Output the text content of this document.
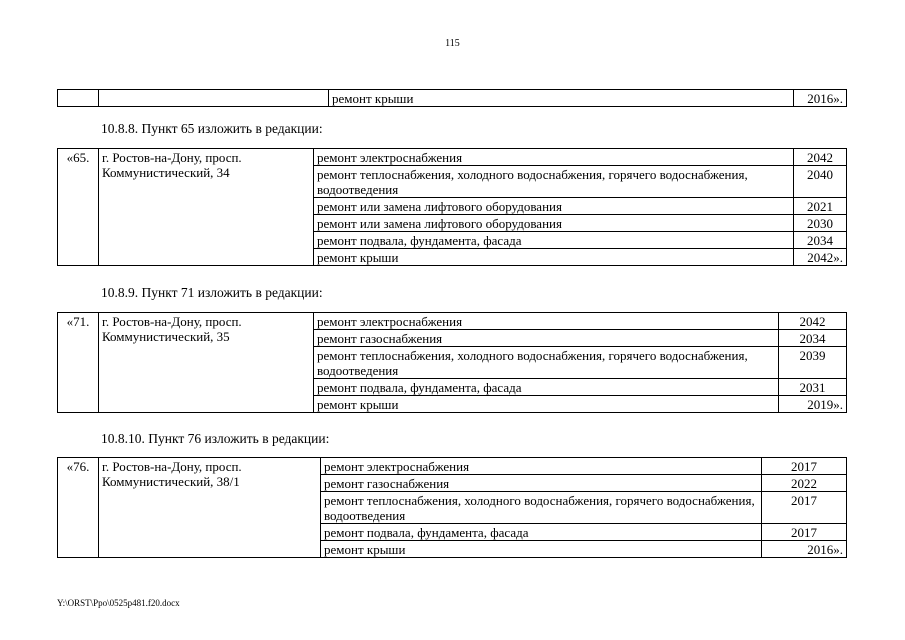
115
		ремонт крыши	2016».
10.8.8. Пункт 65 изложить в редакции:
«65.	г. Ростов-на-Дону, просп. Коммунистический, 34	ремонт электроснабжения	2042
		ремонт теплоснабжения, холодного водоснабжения, горячего водоснабжения, водоотведения	2040
		ремонт или замена лифтового оборудования	2021
		ремонт или замена лифтового оборудования	2030
		ремонт подвала, фундамента, фасада	2034
		ремонт крыши	2042».
10.8.9. Пункт 71 изложить в редакции:
«71.	г. Ростов-на-Дону, просп. Коммунистический, 35	ремонт электроснабжения	2042
		ремонт газоснабжения	2034
		ремонт теплоснабжения, холодного водоснабжения, горячего водоснабжения, водоотведения	2039
		ремонт подвала, фундамента, фасада	2031
		ремонт крыши	2019».
10.8.10. Пункт 76 изложить в редакции:
«76.	г. Ростов-на-Дону, просп. Коммунистический, 38/1	ремонт электроснабжения	2017
		ремонт газоснабжения	2022
		ремонт теплоснабжения, холодного водоснабжения, горячего водоснабжения, водоотведения	2017
		ремонт подвала, фундамента, фасада	2017
		ремонт крыши	2016».
Y:\ORST\Ppo\0525p481.f20.docx
